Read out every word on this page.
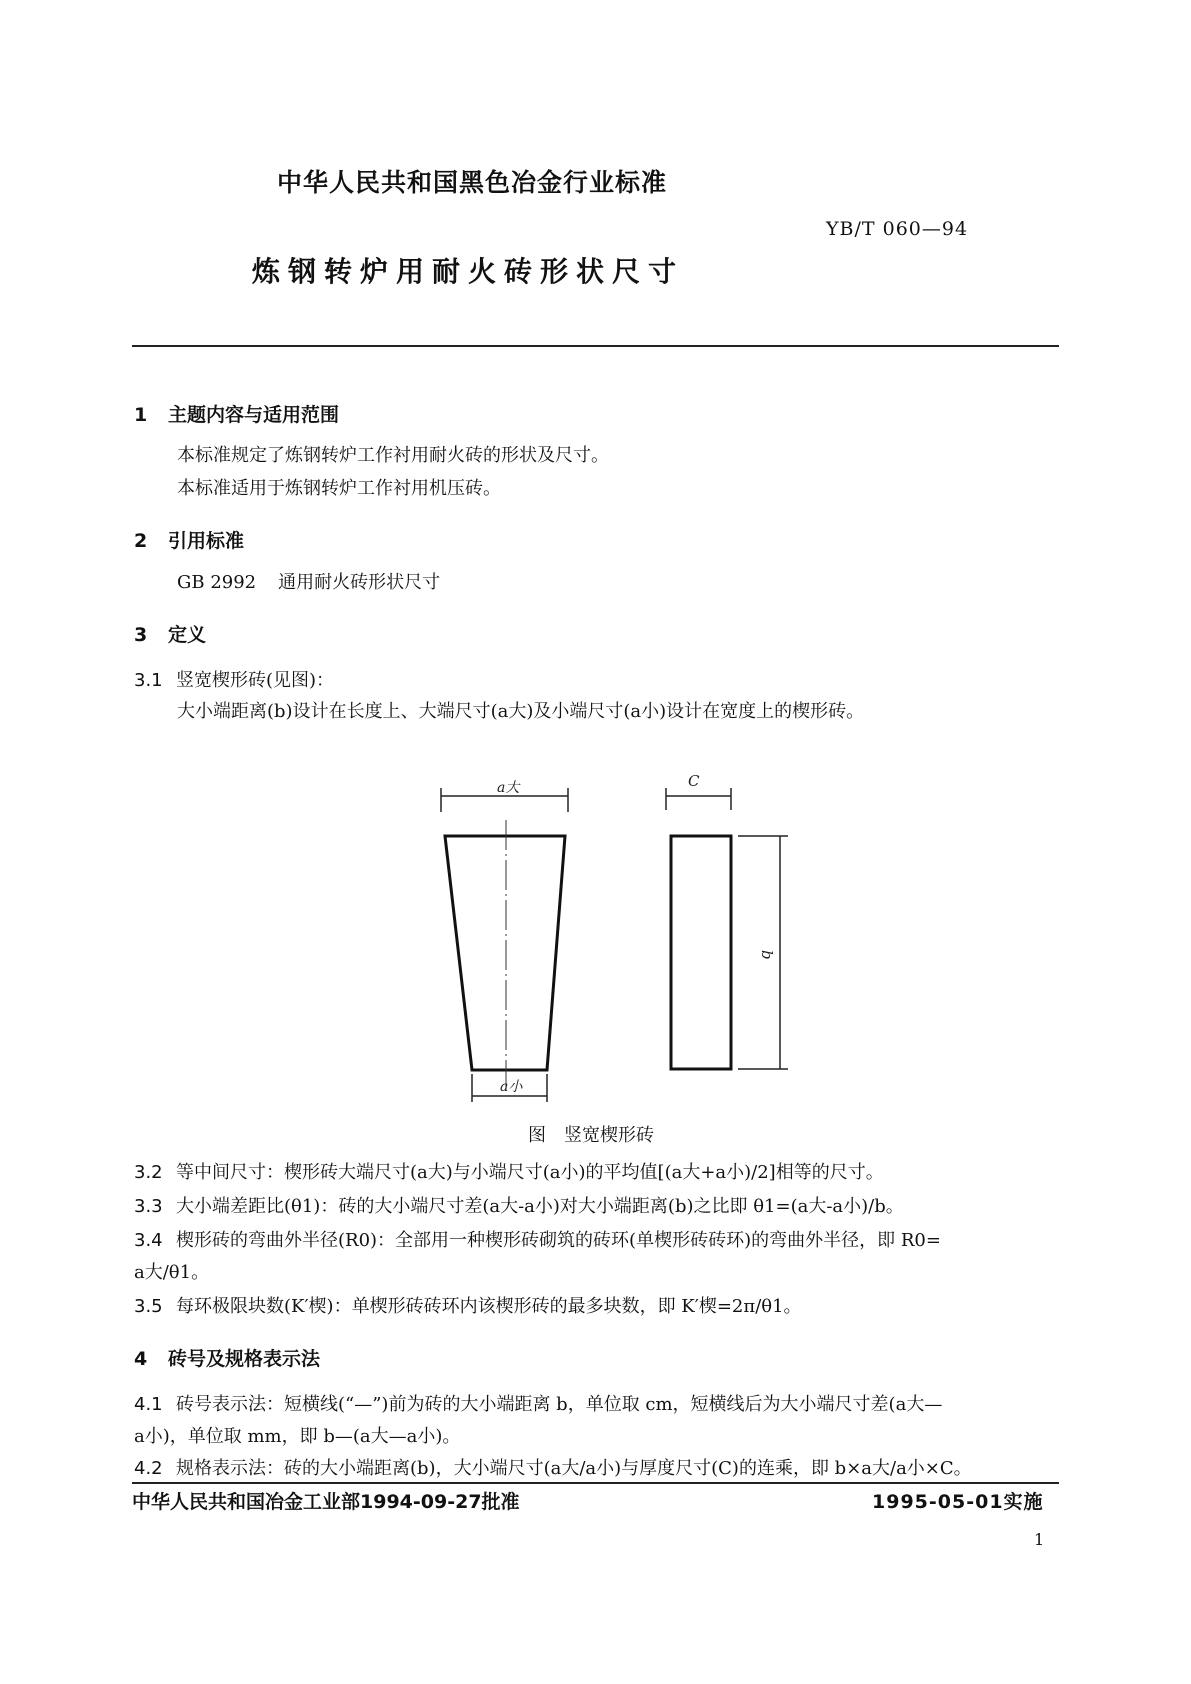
中华人民共和国黑色冶金行业标准
YB/T 060—94
炼钢转炉用耐火砖形状尺寸
1 主题内容与适用范围
本标准规定了炼钢转炉工作衬用耐火砖的形状及尺寸。
本标准适用于炼钢转炉工作衬用机压砖。
2 引用标准
GB 2992 通用耐火砖形状尺寸
3 定义
3.1 竖宽楔形砖(见图)：
大小端距离(b)设计在长度上、大端尺寸(a大)及小端尺寸(a小)设计在宽度上的楔形砖。
a大
a小
C
b
图　竖宽楔形砖
3.2 等中间尺寸：楔形砖大端尺寸(a大)与小端尺寸(a小)的平均值[(a大+a小)/2]相等的尺寸。
3.3 大小端差距比(θ1)：砖的大小端尺寸差(a大-a小)对大小端距离(b)之比即 θ1=(a大-a小)/b。
3.4 楔形砖的弯曲外半径(R0)：全部用一种楔形砖砌筑的砖环(单楔形砖砖环)的弯曲外半径，即 R0=
a大/θ1。
3.5 每环极限块数(K′楔)：单楔形砖砖环内该楔形砖的最多块数，即 K′楔=2π/θ1。
4 砖号及规格表示法
4.1 砖号表示法：短横线(“—”)前为砖的大小端距离 b，单位取 cm，短横线后为大小端尺寸差(a大—
a小)，单位取 mm，即 b—(a大—a小)。
4.2 规格表示法：砖的大小端距离(b)，大小端尺寸(a大/a小)与厚度尺寸(C)的连乘，即 b×a大/a小×C。
中华人民共和国冶金工业部1994-09-27批准	1995-05-01实施
1
